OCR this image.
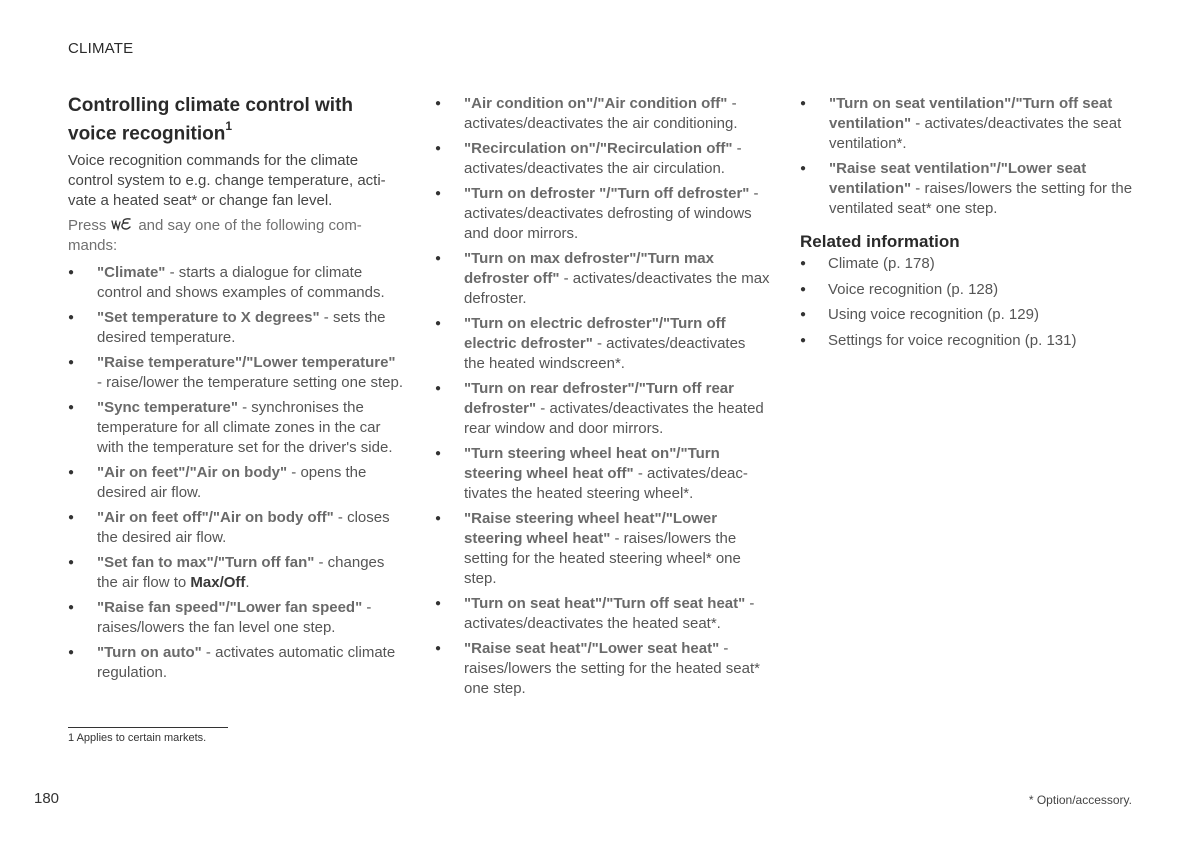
CLIMATE
Controlling climate control with voice recognition$^1$

Voice recognition commands for the climate control system to e.g. change temperature, acti- vate a heated seat* or change fan level.

Press and say one of the following com- mands:

● "Climate" - starts a dialogue for climate control and shows examples of commands.
● "Set temperature to X degrees" - sets the desired temperature.
● "Raise temperature"/"Lower temperature" - raise/lower the temperature setting one step.
● "Sync temperature" - synchronises the temperature for all climate zones in the car with the temperature set for the driver's side.
● "Air on feet"/"Air on body" - opens the desired air flow.
● "Air on feet off"/"Air on body off" - closes the desired air flow.
● "Set fan to max"/"Turn off fan" - changes the air flow to Max/Off.
● "Raise fan speed"/"Lower fan speed" - raises/lowers the fan level one step.
● "Turn on auto" - activates automatic climate regulation.
● "Air condition on"/"Air condition off" - activates/deactivates the air conditioning.
● "Recirculation on"/"Recirculation off" - activates/deactivates the air circulation.
● "Turn on defroster "/"Turn off defroster" - activates/deactivates defrosting of windows and door mirrors.
● "Turn on max defroster"/"Turn max defroster off" - activates/deactivates the max defroster.
● "Turn on electric defroster"/"Turn off electric defroster" - activates/deactivates the heated windscreen*.
● "Turn on rear defroster"/"Turn off rear defroster" - activates/deactivates the heated rear window and door mirrors.
● "Turn steering wheel heat on"/"Turn steering wheel heat off" - activates/deac- tivates the heated steering wheel*.
● "Raise steering wheel heat"/"Lower steering wheel heat" - raises/lowers the setting for the heated steering wheel* one step.
● "Turn on seat heat"/"Turn off seat heat" - activates/deactivates the heated seat*.
● "Raise seat heat"/"Lower seat heat" - raises/lowers the setting for the heated seat* one step.
● "Turn on seat ventilation"/"Turn off seat ventilation" - activates/deactivates the seat ventilation*.
● "Raise seat ventilation"/"Lower seat ventilation" - raises/lowers the setting for the ventilated seat* one step.
Related information
● Climate (p. 178)
● Voice recognition (p. 128)
● Using voice recognition (p. 129)
● Settings for voice recognition (p. 131)
1 Applies to certain markets.
180	* Option/accessory.
